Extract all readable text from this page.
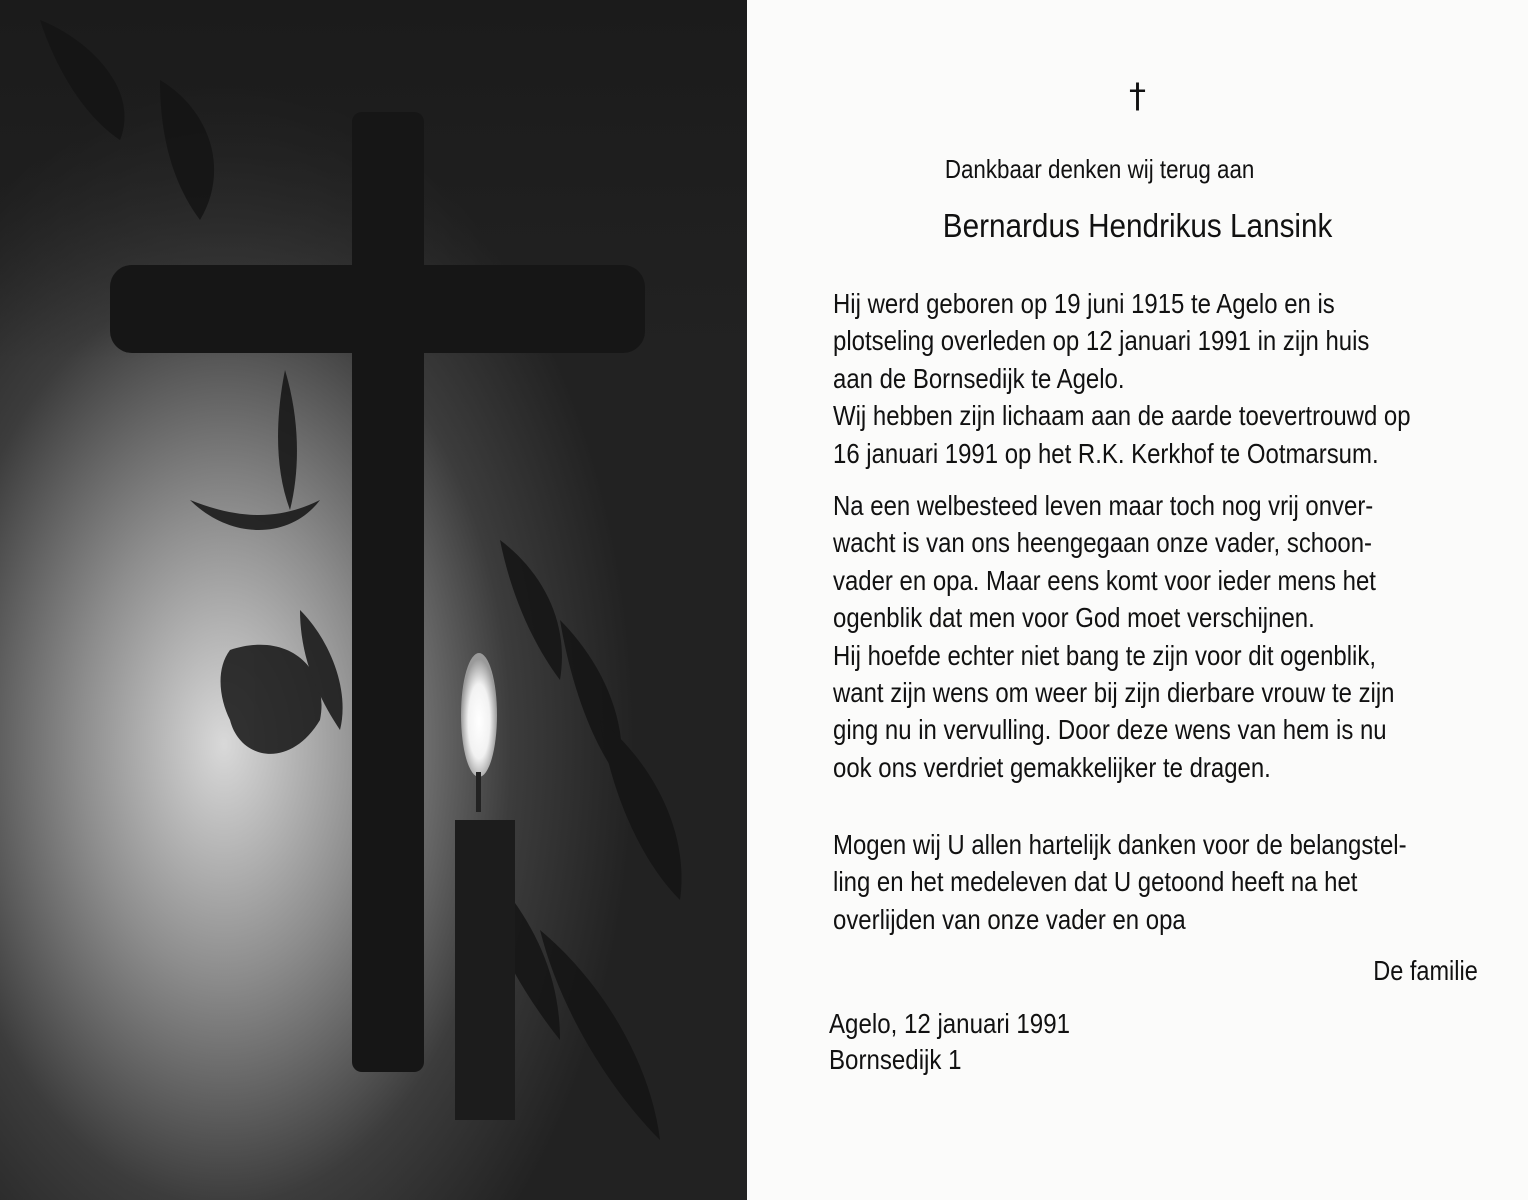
†
Dankbaar denken wij terug aan
Bernardus Hendrikus Lansink

Hij werd geboren op 19 juni 1915 te Agelo en is
plotseling overleden op 12 januari 1991 in zijn huis
aan de Bornsedijk te Agelo.
Wij hebben zijn lichaam aan de aarde toevertrouwd op
16 januari 1991 op het R.K. Kerkhof te Ootmarsum.

Na een welbesteed leven maar toch nog vrij onver-
wacht is van ons heengegaan onze vader, schoon-
vader en opa. Maar eens komt voor ieder mens het
ogenblik dat men voor God moet verschijnen.
Hij hoefde echter niet bang te zijn voor dit ogenblik,
want zijn wens om weer bij zijn dierbare vrouw te zijn
ging nu in vervulling. Door deze wens van hem is nu
ook ons verdriet gemakkelijker te dragen.

Mogen wij U allen hartelijk danken voor de belangstel-
ling en het medeleven dat U getoond heeft na het
overlijden van onze vader en opa

De familie
Agelo, 12 januari 1991
Bornsedijk 1
